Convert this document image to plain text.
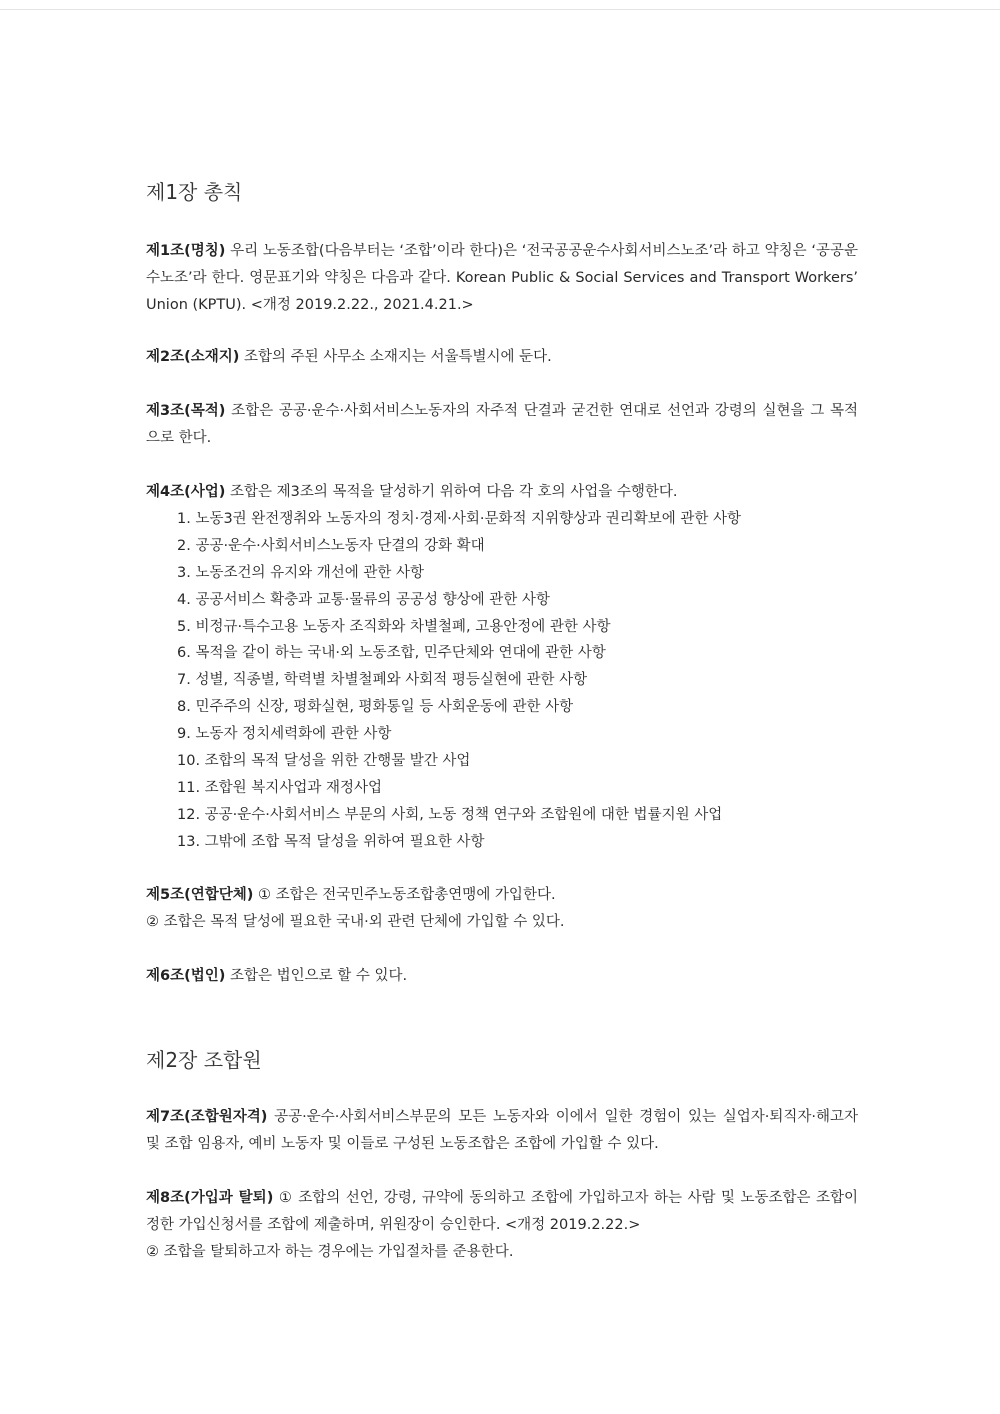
제1장 총칙
제1조(명칭) 우리 노동조합(다음부터는 ‘조합’이라 한다)은 ‘전국공공운수사회서비스노조’라 하고 약칭은 ‘공공운수노조’라 한다. 영문표기와 약칭은 다음과 같다. Korean Public & Social Services and Transport Workers’ Union (KPTU). <개정 2019.2.22., 2021.4.21.>
제2조(소재지) 조합의 주된 사무소 소재지는 서울특별시에 둔다.
제3조(목적) 조합은 공공·운수·사회서비스노동자의 자주적 단결과 굳건한 연대로 선언과 강령의 실현을 그 목적으로 한다.
제4조(사업) 조합은 제3조의 목적을 달성하기 위하여 다음 각 호의 사업을 수행한다.
1. 노동3권 완전쟁취와 노동자의 정치·경제·사회·문화적 지위향상과 권리확보에 관한 사항
2. 공공·운수·사회서비스노동자 단결의 강화 확대
3. 노동조건의 유지와 개선에 관한 사항
4. 공공서비스 확충과 교통·물류의 공공성 향상에 관한 사항
5. 비정규·특수고용 노동자 조직화와 차별철폐, 고용안정에 관한 사항
6. 목적을 같이 하는 국내·외 노동조합, 민주단체와 연대에 관한 사항
7. 성별, 직종별, 학력별 차별철폐와 사회적 평등실현에 관한 사항
8. 민주주의 신장, 평화실현, 평화통일 등 사회운동에 관한 사항
9. 노동자 정치세력화에 관한 사항
10. 조합의 목적 달성을 위한 간행물 발간 사업
11. 조합원 복지사업과 재정사업
12. 공공·운수·사회서비스 부문의 사회, 노동 정책 연구와 조합원에 대한 법률지원 사업
13. 그밖에 조합 목적 달성을 위하여 필요한 사항
제5조(연합단체) ① 조합은 전국민주노동조합총연맹에 가입한다.
② 조합은 목적 달성에 필요한 국내·외 관련 단체에 가입할 수 있다.
제6조(법인) 조합은 법인으로 할 수 있다.
제2장 조합원
제7조(조합원자격) 공공·운수·사회서비스부문의 모든 노동자와 이에서 일한 경험이 있는 실업자·퇴직자·해고자 및 조합 임용자, 예비 노동자 및 이들로 구성된 노동조합은 조합에 가입할 수 있다.
제8조(가입과 탈퇴) ① 조합의 선언, 강령, 규약에 동의하고 조합에 가입하고자 하는 사람 및 노동조합은 조합이 정한 가입신청서를 조합에 제출하며, 위원장이 승인한다. <개정 2019.2.22.>
② 조합을 탈퇴하고자 하는 경우에는 가입절차를 준용한다.
